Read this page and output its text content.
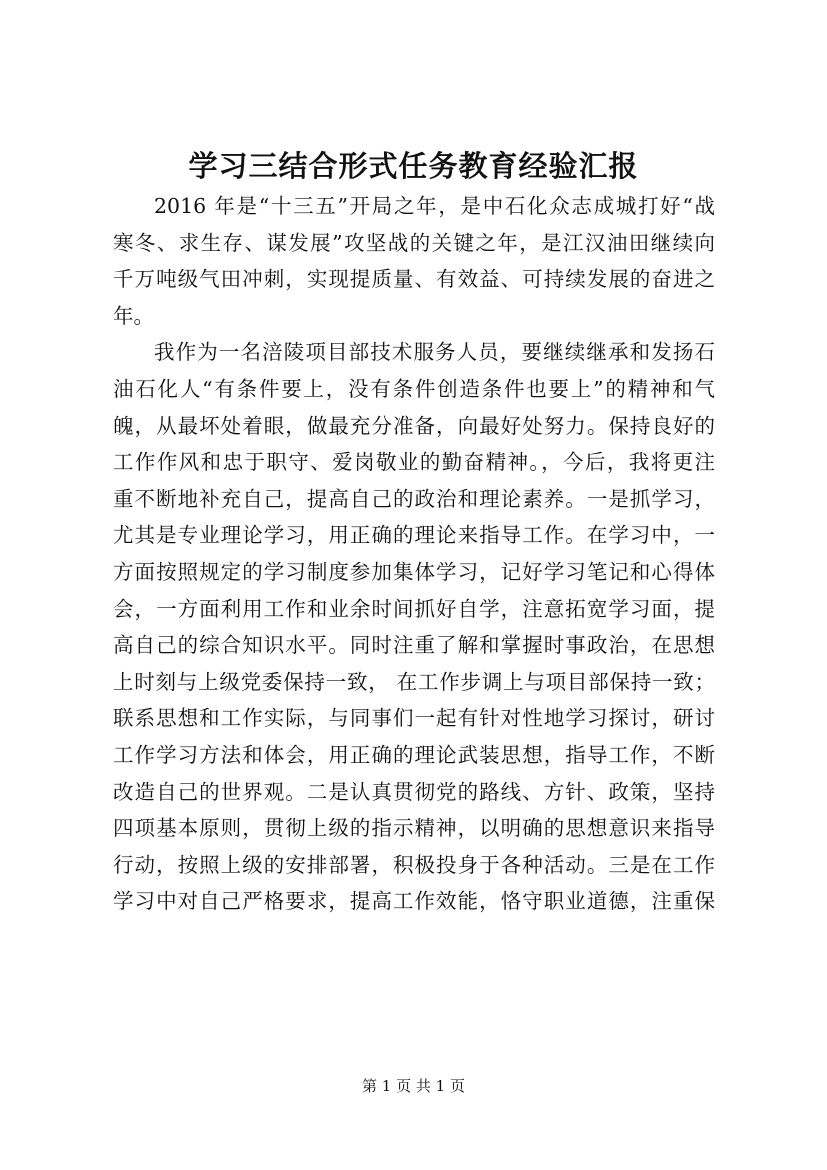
学习三结合形式任务教育经验汇报
2016 年是“十三五”开局之年，是中石化众志成城打好“战
寒冬、求生存、谋发展”攻坚战的关键之年，是江汉油田继续向
千万吨级气田冲刺，实现提质量、有效益、可持续发展的奋进之
年。
我作为一名涪陵项目部技术服务人员，要继续继承和发扬石
油石化人“有条件要上，没有条件创造条件也要上”的精神和气
魄，从最坏处着眼，做最充分准备，向最好处努力。保持良好的
工作作风和忠于职守、爱岗敬业的勤奋精神。，今后，我将更注
重不断地补充自己，提高自己的政治和理论素养。一是抓学习，
尤其是专业理论学习，用正确的理论来指导工作。在学习中，一
方面按照规定的学习制度参加集体学习，记好学习笔记和心得体
会，一方面利用工作和业余时间抓好自学，注意拓宽学习面，提
高自己的综合知识水平。同时注重了解和掌握时事政治，在思想
上时刻与上级党委保持一致， 在工作步调上与项目部保持一致；
联系思想和工作实际，与同事们一起有针对性地学习探讨，研讨
工作学习方法和体会，用正确的理论武装思想，指导工作，不断
改造自己的世界观。二是认真贯彻党的路线、方针、政策，坚持
四项基本原则，贯彻上级的指示精神，以明确的思想意识来指导
行动，按照上级的安排部署，积极投身于各种活动。三是在工作
学习中对自己严格要求，提高工作效能，恪守职业道德，注重保
第 1 页 共 1 页
